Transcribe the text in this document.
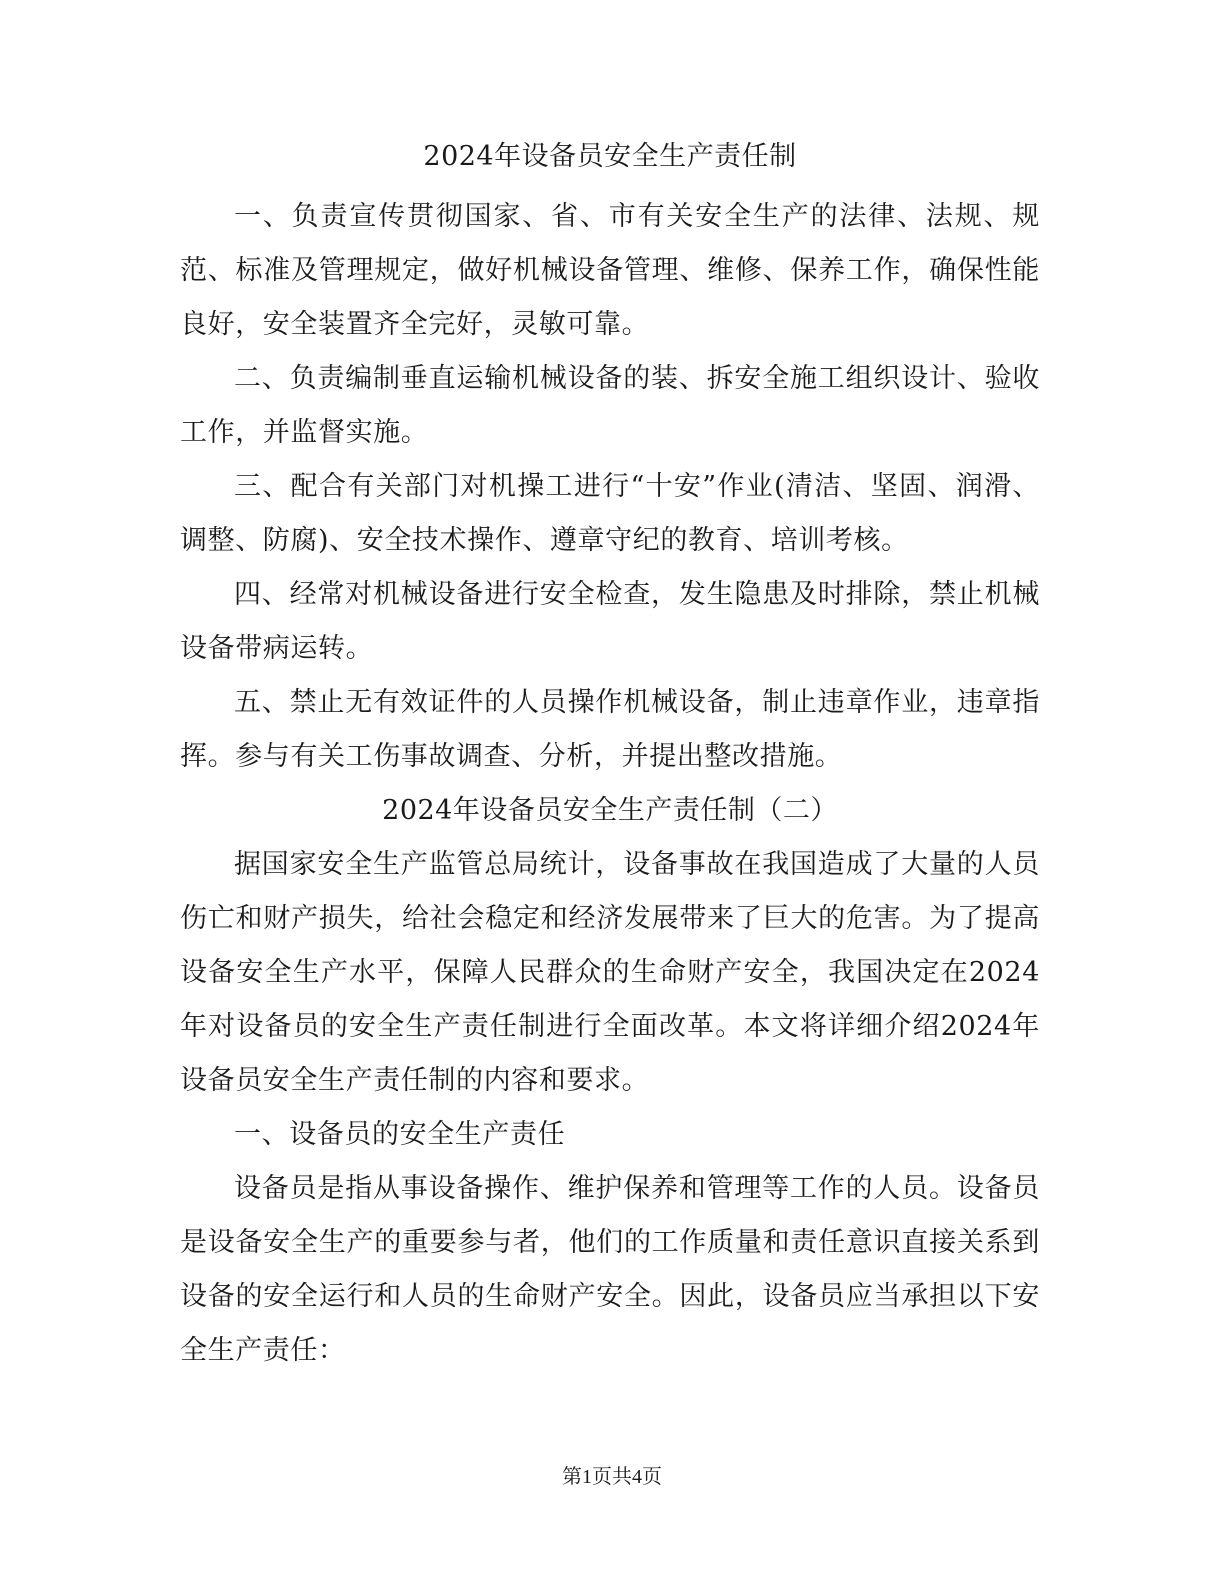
2024年设备员安全生产责任制

一、负责宣传贯彻国家、省、市有关安全生产的法律、法规、规范、标准及管理规定，做好机械设备管理、维修、保养工作，确保性能良好，安全装置齐全完好，灵敏可靠。

二、负责编制垂直运输机械设备的装、拆安全施工组织设计、验收工作，并监督实施。

三、配合有关部门对机操工进行“十安”作业(清洁、坚固、润滑、调整、防腐)、安全技术操作、遵章守纪的教育、培训考核。

四、经常对机械设备进行安全检查，发生隐患及时排除，禁止机械设备带病运转。

五、禁止无有效证件的人员操作机械设备，制止违章作业，违章指挥。参与有关工伤事故调查、分析，并提出整改措施。

2024年设备员安全生产责任制（二）

据国家安全生产监管总局统计，设备事故在我国造成了大量的人员伤亡和财产损失，给社会稳定和经济发展带来了巨大的危害。为了提高设备安全生产水平，保障人民群众的生命财产安全，我国决定在2024年对设备员的安全生产责任制进行全面改革。本文将详细介绍2024年设备员安全生产责任制的内容和要求。

一、设备员的安全生产责任

设备员是指从事设备操作、维护保养和管理等工作的人员。设备员是设备安全生产的重要参与者，他们的工作质量和责任意识直接关系到设备的安全运行和人员的生命财产安全。因此，设备员应当承担以下安全生产责任：

第1页共4页
